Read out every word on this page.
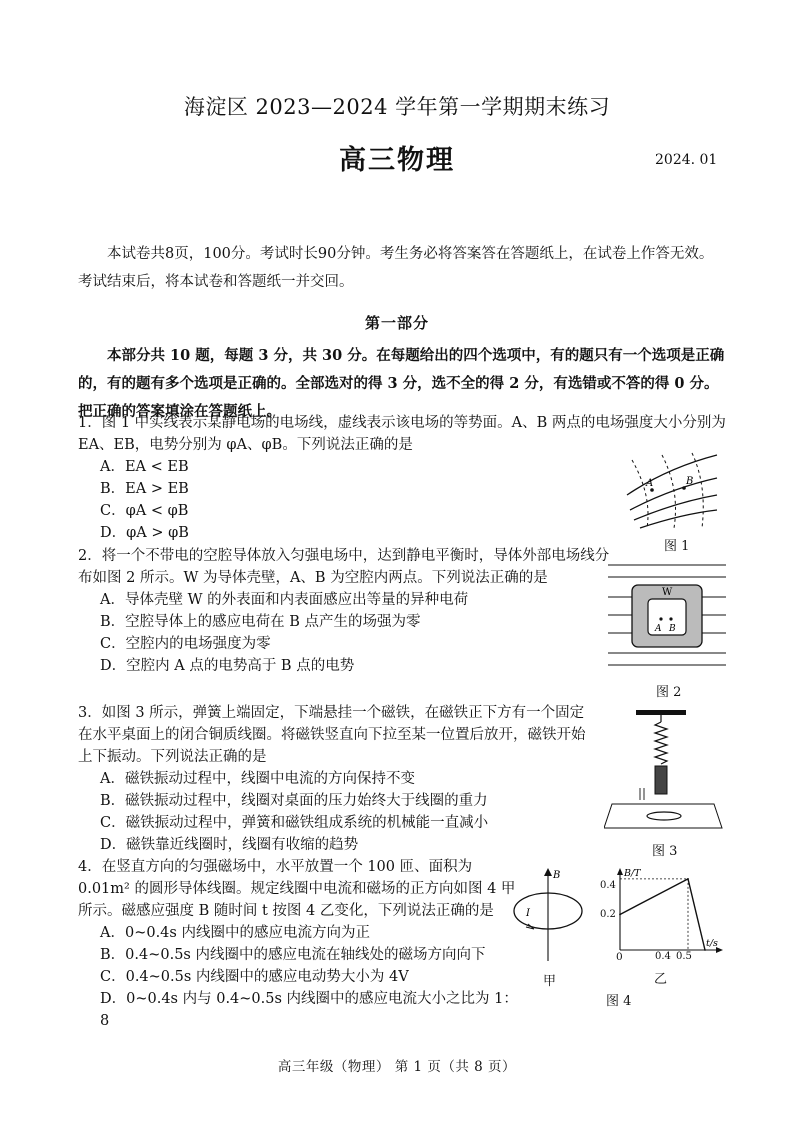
海淀区 2023—2024 学年第一学期期末练习
高三物理	2024. 01
本试卷共8页，100分。考试时长90分钟。考生务必将答案答在答题纸上，在试卷上作答无效。考试结束后，将本试卷和答题纸一并交回。
第一部分
本部分共 10 题，每题 3 分，共 30 分。在每题给出的四个选项中，有的题只有一个选项是正确的，有的题有多个选项是正确的。全部选对的得 3 分，选不全的得 2 分，有选错或不答的得 0 分。把正确的答案填涂在答题纸上。
1．图 1 中实线表示某静电场的电场线，虚线表示该电场的等势面。A、B 两点的电场强度大小分别为 EA、EB，电势分别为 φA、φB。下列说法正确的是
A．EA < EB
B．EA > EB
C．φA < φB
D．φA > φB
A	B
图 1
2．将一个不带电的空腔导体放入匀强电场中，达到静电平衡时，导体外部电场线分布如图 2 所示。W 为导体壳壁，A、B 为空腔内两点。下列说法正确的是
A．导体壳壁 W 的外表面和内表面感应出等量的异种电荷
B．空腔导体上的感应电荷在 B 点产生的场强为零
C．空腔内的电场强度为零
D．空腔内 A 点的电势高于 B 点的电势
W
A B
图 2
3．如图 3 所示，弹簧上端固定，下端悬挂一个磁铁，在磁铁正下方有一个固定在水平桌面上的闭合铜质线圈。将磁铁竖直向下拉至某一位置后放开，磁铁开始上下振动。下列说法正确的是
A．磁铁振动过程中，线圈中电流的方向保持不变
B．磁铁振动过程中，线圈对桌面的压力始终大于线圈的重力
C．磁铁振动过程中，弹簧和磁铁组成系统的机械能一直减小
D．磁铁靠近线圈时，线圈有收缩的趋势	图 3
4．在竖直方向的匀强磁场中，水平放置一个 100 匝、面积为 0.01m² 的圆形导体线圈。规定线圈中电流和磁场的正方向如图 4 甲所示。磁感应强度 B 随时间 t 按图 4 乙变化，下列说法正确的是
A．0~0.4s 内线圈中的感应电流方向为正
B．0.4~0.5s 内线圈中的感应电流在轴线处的磁场方向向下
C．0.4~0.5s 内线圈中的感应电动势大小为 4V
D．0~0.4s 内与 0.4~0.5s 内线圈中的感应电流大小之比为 1：8
B
I
甲
B/T
t/s
0
0.4
0.2
0.4 0.5
乙
图 4
高三年级（物理） 第 1 页（共 8 页）
